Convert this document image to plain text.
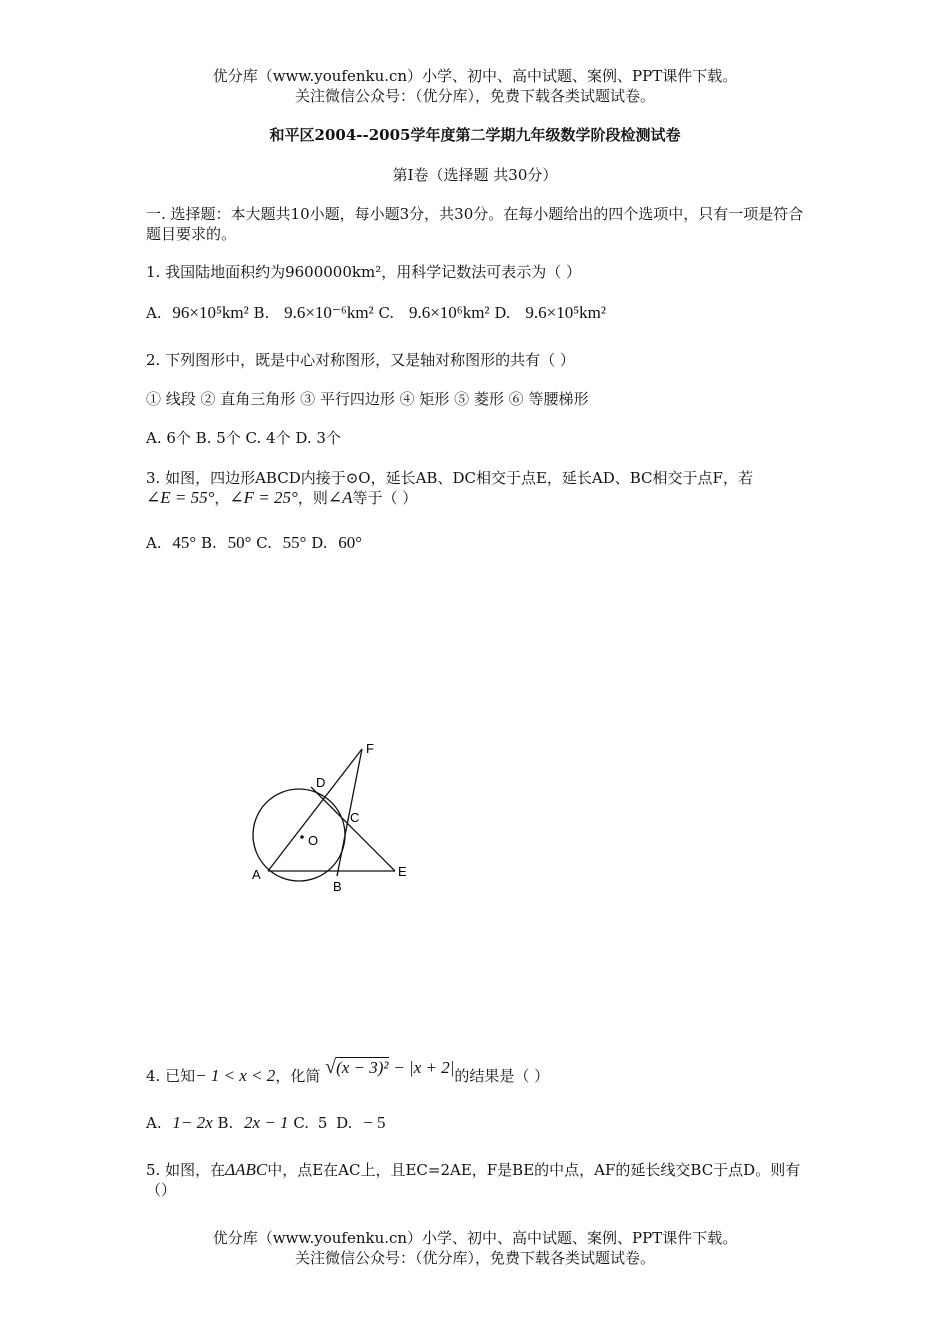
优分库（www.youfenku.cn）小学、初中、高中试题、案例、PPT课件下载。
关注微信公众号：（优分库），免费下载各类试题试卷。
和平区2004--2005学年度第二学期九年级数学阶段检测试卷
第Ⅰ卷（选择题 共30分）
一. 选择题：本大题共10小题，每小题3分，共30分。在每小题给出的四个选项中，只有一项是符合题目要求的。
1. 我国陆地面积约为9600000km²，用科学记数法可表示为（ ）
A. 96×10⁵km² B. 9.6×10⁻⁶km² C. 9.6×10⁶km² D. 9.6×10⁵km²
2. 下列图形中，既是中心对称图形，又是轴对称图形的共有（ ）
① 线段 ② 直角三角形 ③ 平行四边形 ④ 矩形 ⑤ 菱形 ⑥ 等腰梯形
A. 6个 B. 5个 C. 4个 D. 3个
3. 如图，四边形ABCD内接于⊙O，延长AB、DC相交于点E，延长AD、BC相交于点F，若
∠E = 55°，∠F = 25°，则∠A等于（ ）
A. 45° B. 50° C. 55° D. 60°
F
D
C
O
A
B
E
4. 已知− 1 < x < 2，化简 √(x − 3)² − |x + 2|的结果是（ ）
A. 1− 2x B. 2x − 1 C. 5 D. − 5
5. 如图，在ΔABC中，点E在AC上，且EC=2AE，F是BE的中点，AF的延长线交BC于点D。则有（）
优分库（www.youfenku.cn）小学、初中、高中试题、案例、PPT课件下载。
关注微信公众号：（优分库），免费下载各类试题试卷。
